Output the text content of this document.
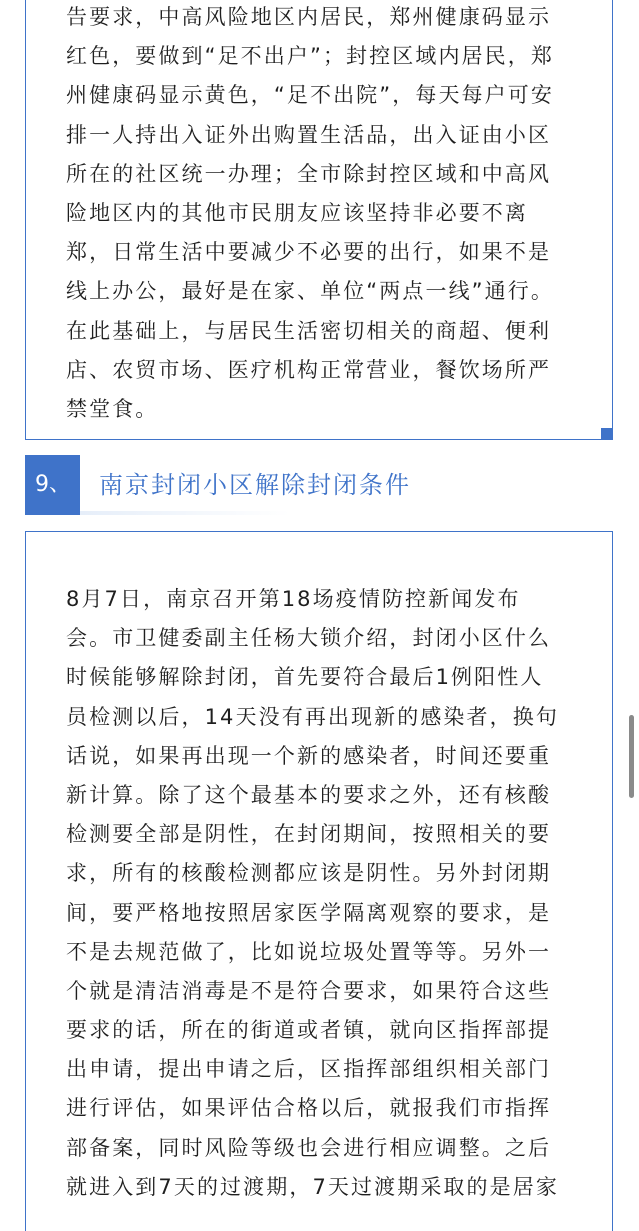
告要求，中高风险地区内居民，郑州健康码显示
红色，要做到“足不出户”；封控区域内居民，郑
州健康码显示黄色，“足不出院”，每天每户可安
排一人持出入证外出购置生活品，出入证由小区
所在的社区统一办理；全市除封控区域和中高风
险地区内的其他市民朋友应该坚持非必要不离
郑，日常生活中要减少不必要的出行，如果不是
线上办公，最好是在家、单位“两点一线”通行。
在此基础上，与居民生活密切相关的商超、便利
店、农贸市场、医疗机构正常营业，餐饮场所严
禁堂食。
9、	南京封闭小区解除封闭条件
8月7日，南京召开第18场疫情防控新闻发布
会。市卫健委副主任杨大锁介绍，封闭小区什么
时候能够解除封闭，首先要符合最后1例阳性人
员检测以后，14天没有再出现新的感染者，换句
话说，如果再出现一个新的感染者，时间还要重
新计算。除了这个最基本的要求之外，还有核酸
检测要全部是阴性，在封闭期间，按照相关的要
求，所有的核酸检测都应该是阴性。另外封闭期
间，要严格地按照居家医学隔离观察的要求，是
不是去规范做了，比如说垃圾处置等等。另外一
个就是清洁消毒是不是符合要求，如果符合这些
要求的话，所在的街道或者镇，就向区指挥部提
出申请，提出申请之后，区指挥部组织相关部门
进行评估，如果评估合格以后，就报我们市指挥
部备案，同时风险等级也会进行相应调整。之后
就进入到7天的过渡期，7天过渡期采取的是居家
